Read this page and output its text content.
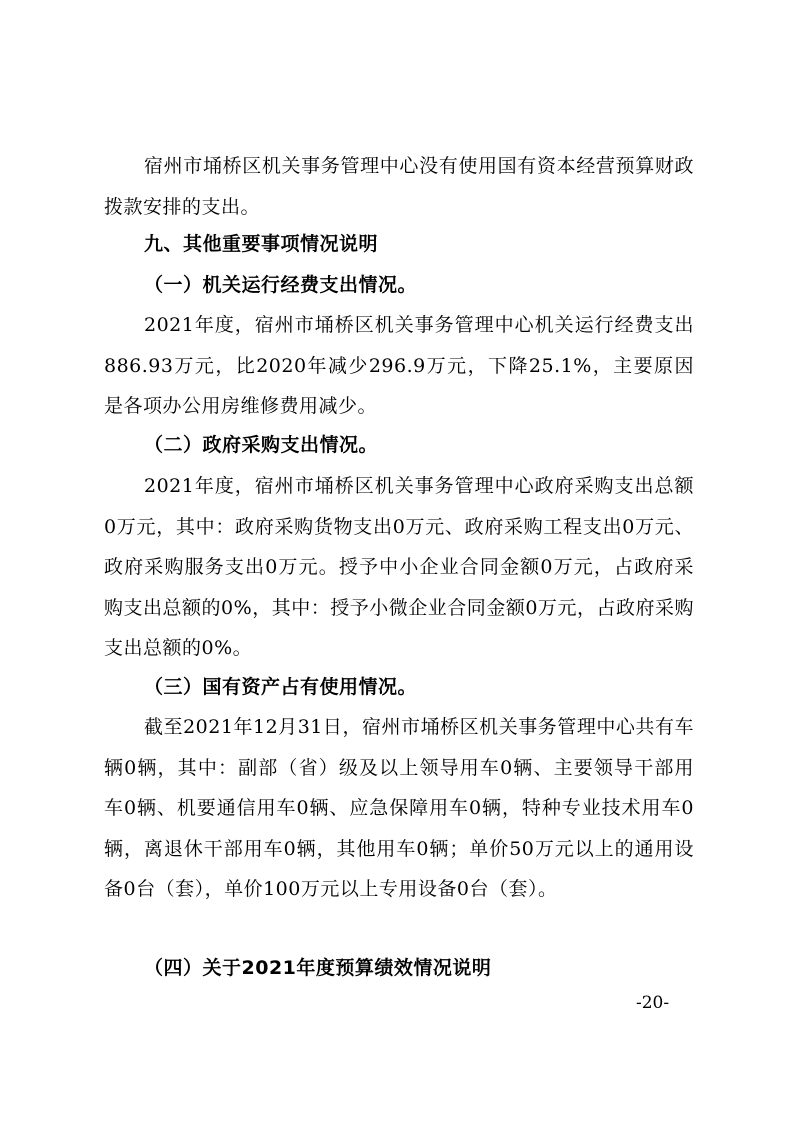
宿州市埇桥区机关事务管理中心没有使用国有资本经营预算财政拨款安排的支出。

九、其他重要事项情况说明

（一）机关运行经费支出情况。

2021年度，宿州市埇桥区机关事务管理中心机关运行经费支出886.93万元，比2020年减少296.9万元，下降25.1%，主要原因是各项办公用房维修费用减少。

（二）政府采购支出情况。

2021年度，宿州市埇桥区机关事务管理中心政府采购支出总额0万元，其中：政府采购货物支出0万元、政府采购工程支出0万元、政府采购服务支出0万元。授予中小企业合同金额0万元，占政府采购支出总额的0%，其中：授予小微企业合同金额0万元，占政府采购支出总额的0%。

（三）国有资产占有使用情况。

截至2021年12月31日，宿州市埇桥区机关事务管理中心共有车辆0辆，其中：副部（省）级及以上领导用车0辆、主要领导干部用车0辆、机要通信用车0辆、应急保障用车0辆，特种专业技术用车0辆，离退休干部用车0辆，其他用车0辆；单价50万元以上的通用设备0台（套），单价100万元以上专用设备0台（套）。

（四）关于2021年度预算绩效情况说明

-20-
